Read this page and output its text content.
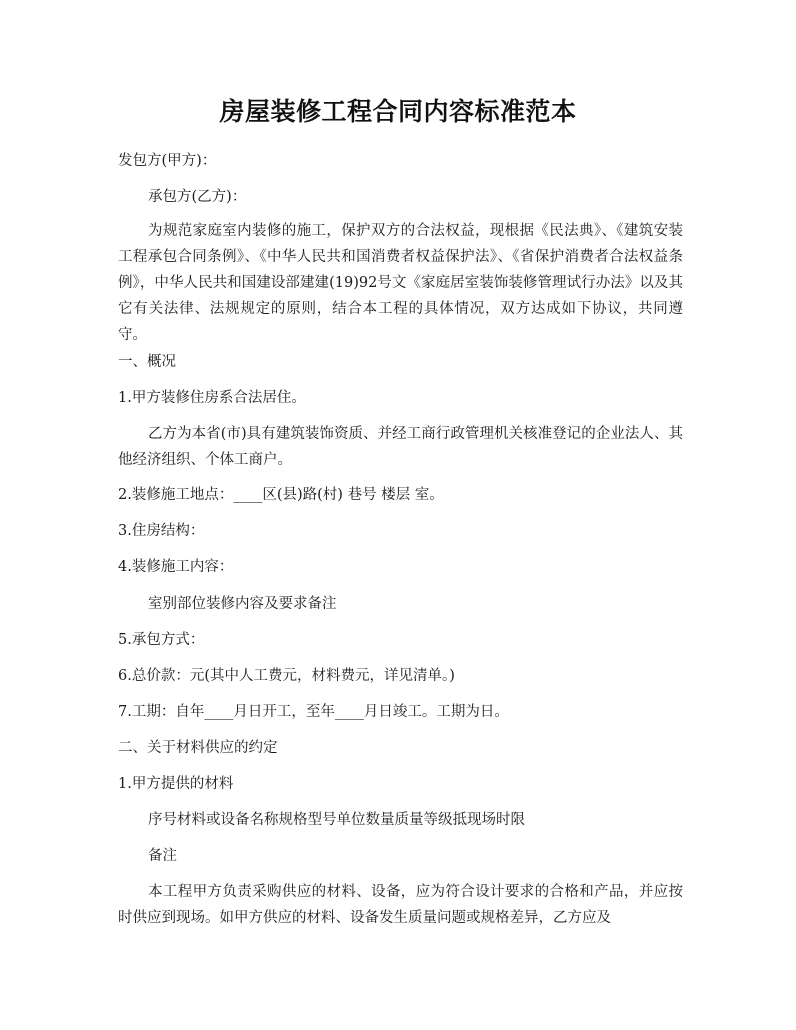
房屋装修工程合同内容标准范本
发包方(甲方)：
承包方(乙方)：
为规范家庭室内装修的施工，保护双方的合法权益，现根据《民法典》、《建筑安装工程承包合同条例》、《中华人民共和国消费者权益保护法》、《省保护消费者合法权益条例》，中华人民共和国建设部建建(19)92号文《家庭居室装饰装修管理试行办法》以及其它有关法律、法规规定的原则，结合本工程的具体情况，双方达成如下协议，共同遵守。
一、概况
1.甲方装修住房系合法居住。
乙方为本省(市)具有建筑装饰资质、并经工商行政管理机关核准登记的企业法人、其他经济组织、个体工商户。
2.装修施工地点：____区(县)路(村) 巷号 楼层 室。
3.住房结构：
4.装修施工内容：
室别部位装修内容及要求备注
5.承包方式：
6.总价款：元(其中人工费元，材料费元，详见清单。)
7.工期：自年____月日开工，至年____月日竣工。工期为日。
二、关于材料供应的约定
1.甲方提供的材料
序号材料或设备名称规格型号单位数量质量等级抵现场时限
备注
本工程甲方负责采购供应的材料、设备，应为符合设计要求的合格和产品，并应按时供应到现场。如甲方供应的材料、设备发生质量问题或规格差异，乙方应及
